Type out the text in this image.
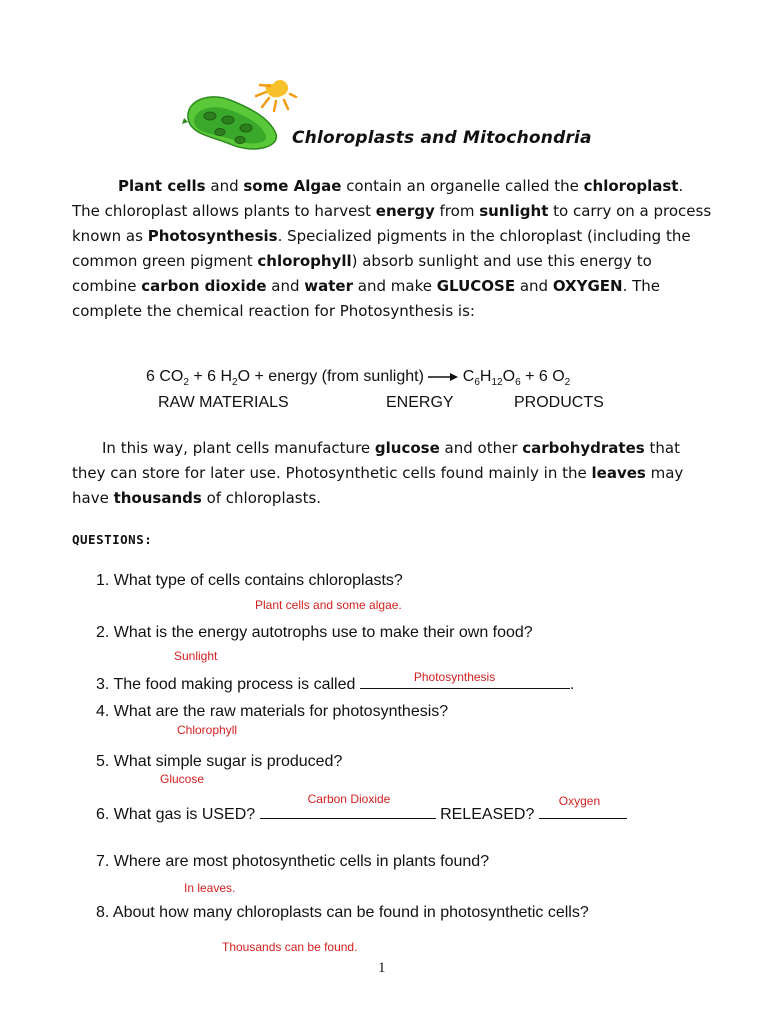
Chloroplasts and Mitochondria
Plant cells and some Algae contain an organelle called the chloroplast. The chloroplast allows plants to harvest energy from sunlight to carry on a process known as Photosynthesis. Specialized pigments in the chloroplast (including the common green pigment chlorophyll) absorb sunlight and use this energy to combine carbon dioxide and water and make GLUCOSE and OXYGEN. The complete the chemical reaction for Photosynthesis is:
6 $CO_2 + 6$ $H_2O$ + energy (from sunlight)  $C_6H_{12}O_6 + 6$ $O_2$
RAW MATERIALS	ENERGY	PRODUCTS
In this way, plant cells manufacture glucose and other carbohydrates that they can store for later use. Photosynthetic cells found mainly in the leaves may have thousands of chloroplasts.
QUESTIONS:
1. What type of cells contains chloroplasts?
Plant cells and some algae.
2. What is the energy autotrophs use to make their own food?
Sunlight
3. The food making process is called	Photosynthesis	.
4. What are the raw materials for photosynthesis?
Chlorophyll
5. What simple sugar is produced?
Glucose
6. What gas is USED?
Carbon Dioxide
RELEASED?
Oxygen
7. Where are most photosynthetic cells in plants found?
In leaves.
8. About how many chloroplasts can be found in photosynthetic cells?
Thousands can be found.
1
